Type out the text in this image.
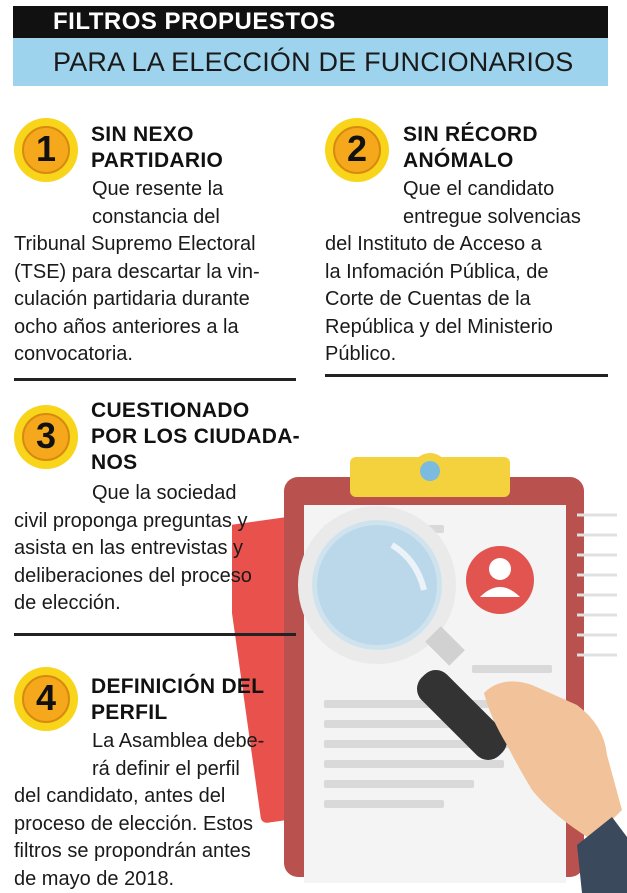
FILTROS PROPUESTOS
PARA LA ELECCIÓN DE FUNCIONARIOS
1	SIN NEXO
PARTIDARIO
Que resente la
constancia del
Tribunal Supremo Electoral
(TSE) para descartar la vin-
culación partidaria durante
ocho años anteriores a la
convocatoria.
2	SIN RÉCORD
ANÓMALO
Que el candidato
entregue solvencias
del Instituto de Acceso a
la Infomación Pública, de
Corte de Cuentas de la
República y del Ministerio
Público.
3
CUESTIONADO
POR LOS CIUDADA-
NOS
Que la sociedad
civil proponga preguntas y
asista en las entrevistas y
deliberaciones del proceso
de elección.
4	DEFINICIÓN DEL
PERFIL
La Asamblea debe-
rá definir el perfil
del candidato, antes del
proceso de elección. Estos
filtros se propondrán antes
de mayo de 2018.
